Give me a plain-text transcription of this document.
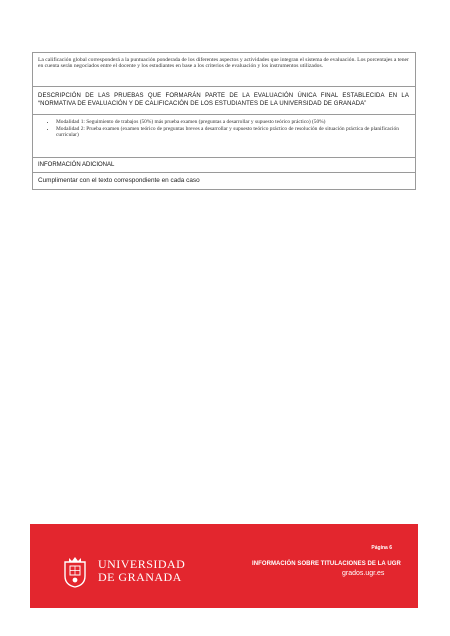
La calificación global corresponderá a la puntuación ponderada de los diferentes aspectos y actividades que integran el sistema de evaluación. Los porcentajes a tener en cuenta serán negociados entre el docente y los estudiantes en base a los criterios de evaluación y los instrumentos utilizados.
DESCRIPCIÓN DE LAS PRUEBAS QUE FORMARÁN PARTE DE LA EVALUACIÓN ÚNICA FINAL ESTABLECIDA EN LA “NORMATIVA DE EVALUACIÓN Y DE CALIFICACIÓN DE LOS ESTUDIANTES DE LA UNIVERSIDAD DE GRANADA”
• Modalidad 1: Seguimiento de trabajos (50%) más prueba examen (preguntas a desarrollar y supuesto teórico práctico) (50%)
• Modalidad 2: Prueba examen (examen teórico de preguntas breves a desarrollar y supuesto teórico práctico de resolución de situación práctica de planificación curricular)
INFORMACIÓN ADICIONAL
Cumplimentar con el texto correspondiente en cada caso
UNIVERSIDAD
DE GRANADA
Página 6
INFORMACIÓN SOBRE TITULACIONES DE LA UGR
grados.ugr.es
